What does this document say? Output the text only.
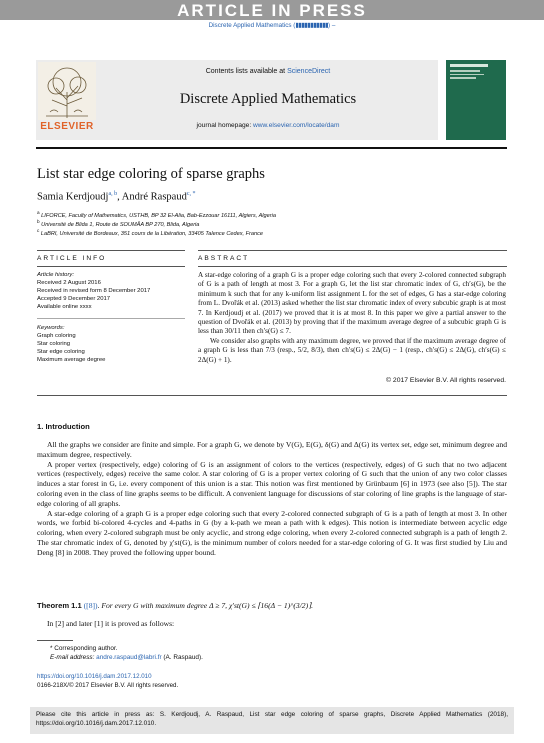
ARTICLE IN PRESS
Discrete Applied Mathematics (▮▮▮▮▮▮▮▮▮▮▮) –
ELSEVIER
Contents lists available at ScienceDirect
Discrete Applied Mathematics
journal homepage: www.elsevier.com/locate/dam
List star edge coloring of sparse graphs
Samia Kerdjoudj$^{a, b}$, André Raspaud$^{c, *}$
$^a$ LIFORCE, Faculty of Mathematics, USTHB, BP 32 El-Alia, Bab-Ezzouar 16111, Algiers, Algeria
$^b$ Université de Blida 1, Route de SOUMÂA BP 270, Blida, Algeria
$^c$ LaBRI, Université de Bordeaux, 351 cours de la Libération, 33405 Talence Cedex, France
ARTICLE INFO	ABSTRACT
Article history:
Received 2 August 2016
Received in revised form 8 December 2017
Accepted 9 December 2017
Available online xxxx
Keywords:
Graph coloring
Star coloring
Star edge coloring
Maximum average degree

A star-edge coloring of a graph G is a proper edge coloring such that every 2-colored connected subgraph of G is a path of length at most 3. For a graph G, let the list star chromatic index of G, ch′s(G), be the minimum k such that for any k-uniform list assignment L for the set of edges, G has a star-edge coloring from L. Dvořák et al. (2013) asked whether the list star chromatic index of every subcubic graph is at most 7. In Kerdjoudj et al. (2017) we proved that it is at most 8. In this paper we give a partial answer to the question of Dvořák et al. (2013) by proving that if the maximum average degree of a subcubic graph G is less than 30/11 then ch′s(G) ≤ 7.

We consider also graphs with any maximum degree, we proved that if the maximum average degree of a graph G is less than 7/3 (resp., 5/2, 8/3), then ch′s(G) ≤ 2Δ(G) − 1 (resp., ch′s(G) ≤ 2Δ(G), ch′s(G) ≤ 2Δ(G) + 1).

© 2017 Elsevier B.V. All rights reserved.
1. Introduction

All the graphs we consider are finite and simple. For a graph G, we denote by V(G), E(G), δ(G) and Δ(G) its vertex set, edge set, minimum degree and maximum degree, respectively.

A proper vertex (respectively, edge) coloring of G is an assignment of colors to the vertices (respectively, edges) of G such that no two adjacent vertices (respectively, edges) receive the same color. A star coloring of G is a proper vertex coloring of G such that the union of any two color classes induces a star forest in G, i.e. every component of this union is a star. This notion was first mentioned by Grünbaum [6] in 1973 (see also [5]). The star coloring even in the class of line graphs seems to be difficult. A convenient language for discussions of star coloring of line graphs is the language of star-edge coloring of all graphs.

A star-edge coloring of a graph G is a proper edge coloring such that every 2-colored connected subgraph of G is a path of length at most 3. In other words, we forbid bi-colored 4-cycles and 4-paths in G (by a k-path we mean a path with k edges). This notion is intermediate between acyclic edge coloring, when every 2-colored subgraph must be only acyclic, and strong edge coloring, when every 2-colored connected subgraph is a path of length 2. The star chromatic index of G, denoted by χ′st(G), is the minimum number of colors needed for a star-edge coloring of G. It was first studied by Liu and Deng [8] in 2008. They proved the following upper bound.

Theorem 1.1 ([8]). For every G with maximum degree Δ ≥ 7, χ′st(G) ≤ ⌈16(Δ − 1)^(3/2)⌉.

In [2] and later [1] it is proved as follows:

* Corresponding author.
E-mail address: andre.raspaud@labri.fr (A. Raspaud).
https://doi.org/10.1016/j.dam.2017.12.010
0166-218X/© 2017 Elsevier B.V. All rights reserved.
Please cite this article in press as: S. Kerdjoudj, A. Raspaud, List star edge coloring of sparse graphs, Discrete Applied Mathematics (2018), https://doi.org/10.1016/j.dam.2017.12.010.
